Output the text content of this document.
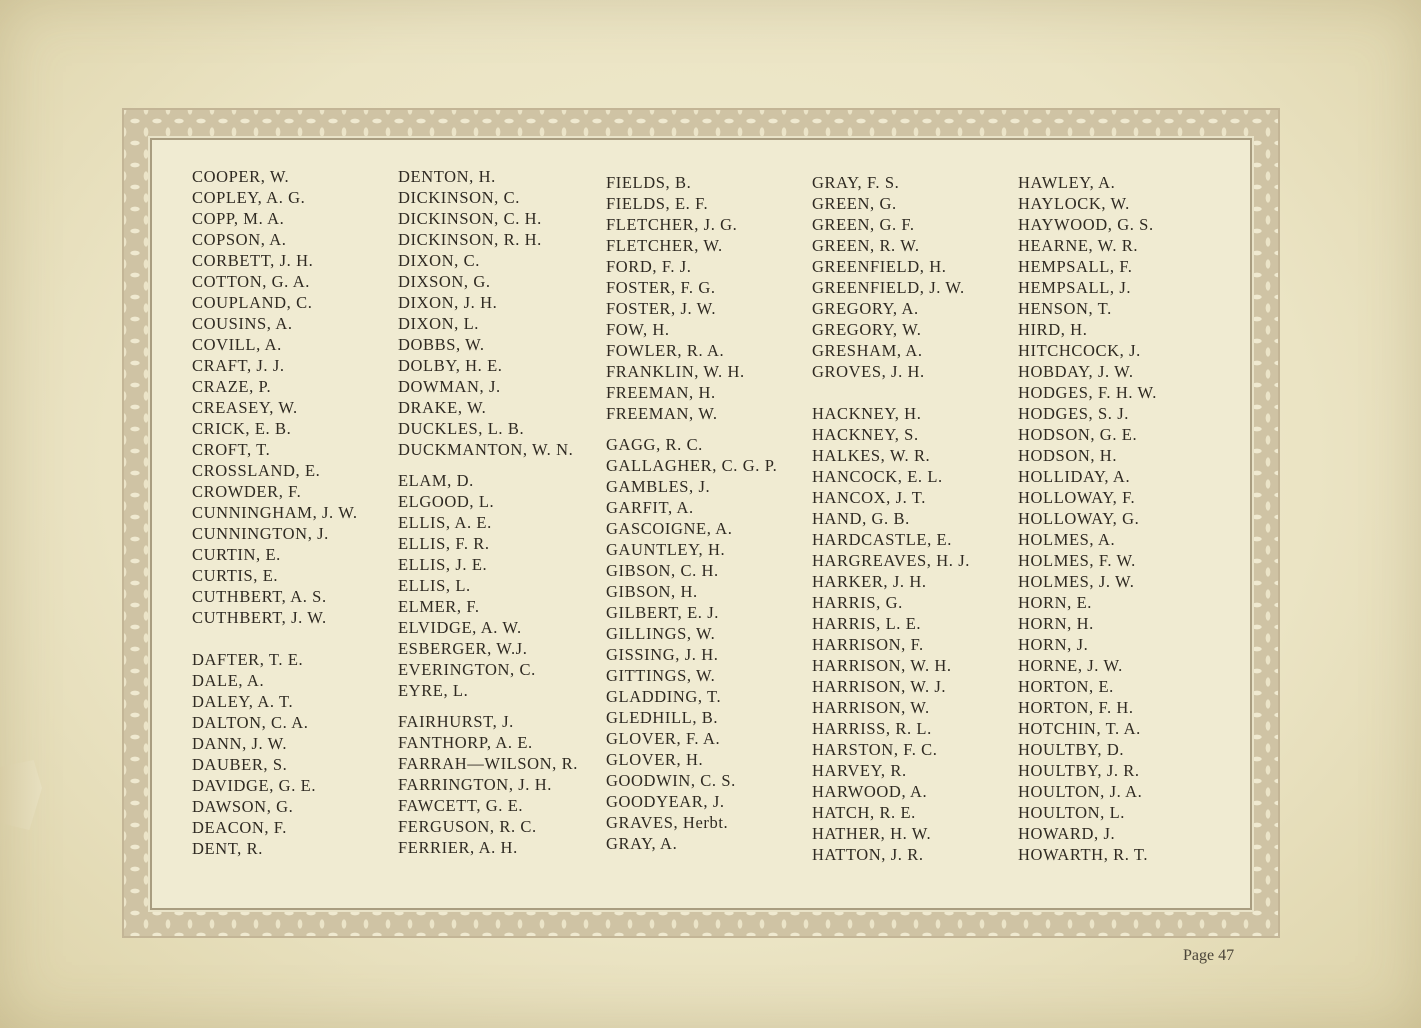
COOPER, W.
COPLEY, A. G.
COPP, M. A.
COPSON, A.
CORBETT, J. H.
COTTON, G. A.
COUPLAND, C.
COUSINS, A.
COVILL, A.
CRAFT, J. J.
CRAZE, P.
CREASEY, W.
CRICK, E. B.
CROFT, T.
CROSSLAND, E.
CROWDER, F.
CUNNINGHAM, J. W.
CUNNINGTON, J.
CURTIN, E.
CURTIS, E.
CUTHBERT, A. S.
CUTHBERT, J. W.
DAFTER, T. E.
DALE, A.
DALEY, A. T.
DALTON, C. A.
DANN, J. W.
DAUBER, S.
DAVIDGE, G. E.
DAWSON, G.
DEACON, F.
DENT, R.
DENTON, H.
DICKINSON, C.
DICKINSON, C. H.
DICKINSON, R. H.
DIXON, C.
DIXSON, G.
DIXON, J. H.
DIXON, L.
DOBBS, W.
DOLBY, H. E.
DOWMAN, J.
DRAKE, W.
DUCKLES, L. B.
DUCKMANTON, W. N.
ELAM, D.
ELGOOD, L.
ELLIS, A. E.
ELLIS, F. R.
ELLIS, J. E.
ELLIS, L.
ELMER, F.
ELVIDGE, A. W.
ESBERGER, W.J.
EVERINGTON, C.
EYRE, L.
FAIRHURST, J.
FANTHORP, A. E.
FARRAH—WILSON, R.
FARRINGTON, J. H.
FAWCETT, G. E.
FERGUSON, R. C.
FERRIER, A. H.
FIELDS, B.
FIELDS, E. F.
FLETCHER, J. G.
FLETCHER, W.
FORD, F. J.
FOSTER, F. G.
FOSTER, J. W.
FOW, H.
FOWLER, R. A.
FRANKLIN, W. H.
FREEMAN, H.
FREEMAN, W.
GAGG, R. C.
GALLAGHER, C. G. P.
GAMBLES, J.
GARFIT, A.
GASCOIGNE, A.
GAUNTLEY, H.
GIBSON, C. H.
GIBSON, H.
GILBERT, E. J.
GILLINGS, W.
GISSING, J. H.
GITTINGS, W.
GLADDING, T.
GLEDHILL, B.
GLOVER, F. A.
GLOVER, H.
GOODWIN, C. S.
GOODYEAR, J.
GRAVES, Herbt.
GRAY, A.
GRAY, F. S.
GREEN, G.
GREEN, G. F.
GREEN, R. W.
GREENFIELD, H.
GREENFIELD, J. W.
GREGORY, A.
GREGORY, W.
GRESHAM, A.
GROVES, J. H.
HACKNEY, H.
HACKNEY, S.
HALKES, W. R.
HANCOCK, E. L.
HANCOX, J. T.
HAND, G. B.
HARDCASTLE, E.
HARGREAVES, H. J.
HARKER, J. H.
HARRIS, G.
HARRIS, L. E.
HARRISON, F.
HARRISON, W. H.
HARRISON, W. J.
HARRISON, W.
HARRISS, R. L.
HARSTON, F. C.
HARVEY, R.
HARWOOD, A.
HATCH, R. E.
HATHER, H. W.
HATTON, J. R.
HAWLEY, A.
HAYLOCK, W.
HAYWOOD, G. S.
HEARNE, W. R.
HEMPSALL, F.
HEMPSALL, J.
HENSON, T.
HIRD, H.
HITCHCOCK, J.
HOBDAY, J. W.
HODGES, F. H. W.
HODGES, S. J.
HODSON, G. E.
HODSON, H.
HOLLIDAY, A.
HOLLOWAY, F.
HOLLOWAY, G.
HOLMES, A.
HOLMES, F. W.
HOLMES, J. W.
HORN, E.
HORN, H.
HORN, J.
HORNE, J. W.
HORTON, E.
HORTON, F. H.
HOTCHIN, T. A.
HOULTBY, D.
HOULTBY, J. R.
HOULTON, J. A.
HOULTON, L.
HOWARD, J.
HOWARTH, R. T.
Page 47
